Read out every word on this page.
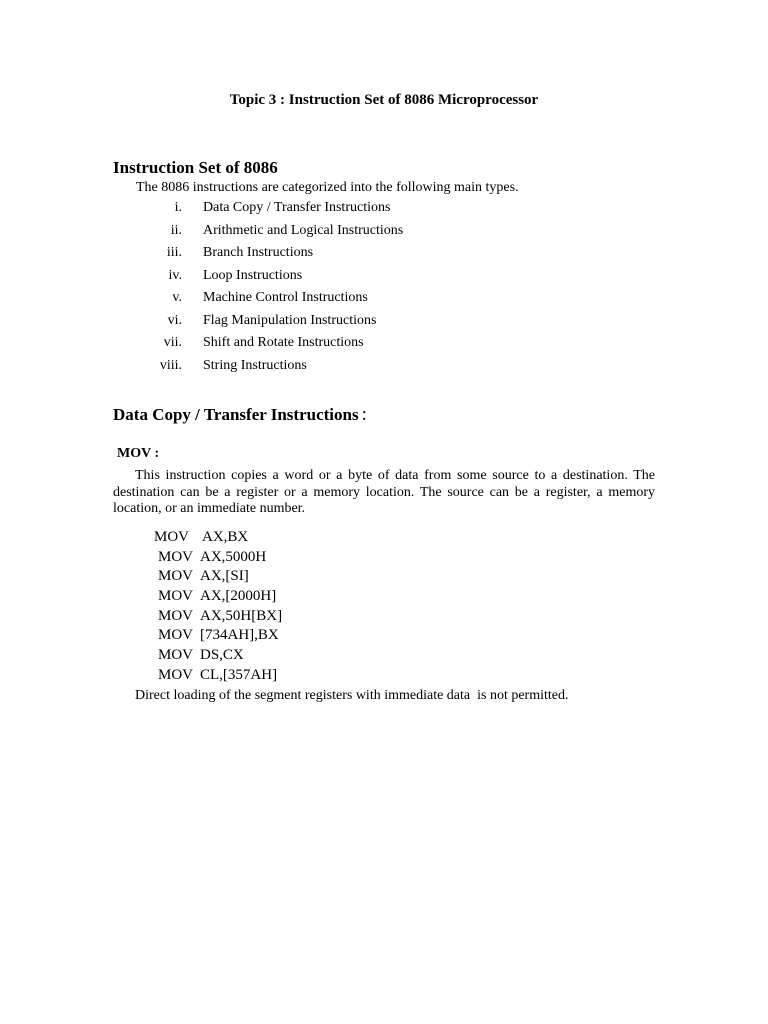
Topic 3 : Instruction Set of 8086 Microprocessor
Instruction Set of 8086
The 8086 instructions are categorized into the following main types.
i. Data Copy / Transfer Instructions
ii. Arithmetic and Logical Instructions
iii. Branch Instructions
iv. Loop Instructions
v. Machine Control Instructions
vi. Flag Manipulation Instructions
vii. Shift and Rotate Instructions
viii. String Instructions
Data Copy / Transfer Instructions :
MOV :
This instruction copies a word or a byte of data from some source to a destination. The destination can be a register or a memory location. The source can be a register, a memory location, or an immediate number.
MOV AX,BX
MOV AX,5000H
MOV AX,[SI]
MOV AX,[2000H]
MOV AX,50H[BX]
MOV [734AH],BX
MOV DS,CX
MOV CL,[357AH]
Direct loading of the segment registers with immediate data  is not permitted.
